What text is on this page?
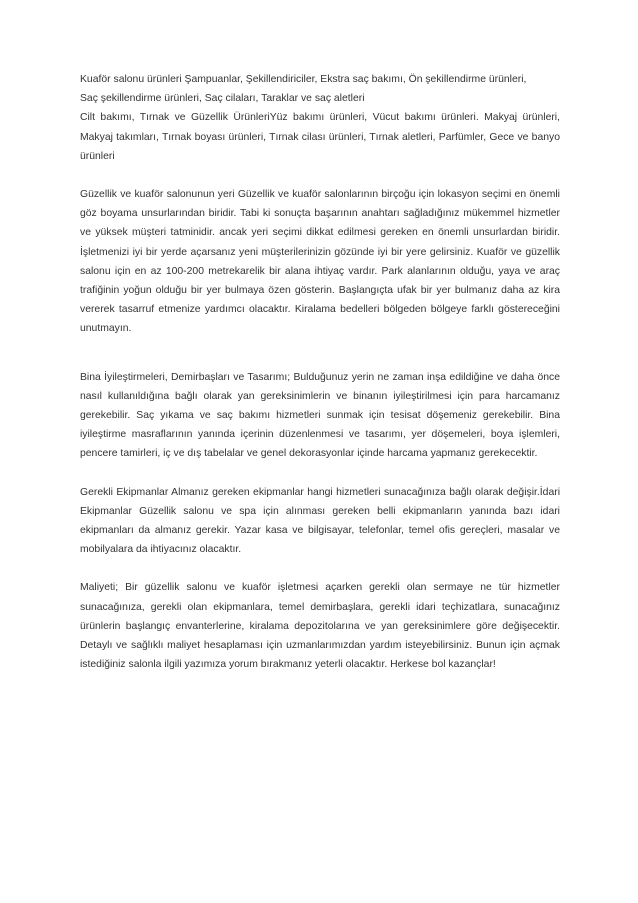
Kuaför salonu ürünleri Şampuanlar, Şekillendiriciler, Ekstra saç bakımı, Ön şekillendirme ürünleri,

Saç şekillendirme ürünleri, Saç cilaları, Taraklar ve saç aletleri

Cilt bakımı, Tırnak ve Güzellik ÜrünleriYüz bakımı ürünleri, Vücut bakımı ürünleri. Makyaj ürünleri, Makyaj takımları, Tırnak boyası ürünleri, Tırnak cilası ürünleri, Tırnak aletleri, Parfümler, Gece ve banyo ürünleri

Güzellik ve kuaför salonunun yeri Güzellik ve kuaför salonlarının birçoğu için lokasyon seçimi en önemli göz boyama unsurlarından biridir. Tabi ki sonuçta başarının anahtarı sağladığınız mükemmel hizmetler ve yüksek müşteri tatminidir. ancak yeri seçimi dikkat edilmesi gereken en önemli unsurlardan biridir. İşletmenizi iyi bir yerde açarsanız yeni müşterilerinizin gözünde iyi bir yere gelirsiniz. Kuaför ve güzellik salonu için en az 100-200 metrekarelik bir alana ihtiyaç vardır. Park alanlarının olduğu, yaya ve araç trafiğinin yoğun olduğu bir yer bulmaya özen gösterin. Başlangıçta ufak bir yer bulmanız daha az kira vererek tasarruf etmenize yardımcı olacaktır. Kiralama bedelleri bölgeden bölgeye farklı göstereceğini unutmayın.

Bina İyileştirmeleri, Demirbaşları ve Tasarımı; Bulduğunuz yerin ne zaman inşa edildiğine ve daha önce nasıl kullanıldığına bağlı olarak yan gereksinimlerin ve binanın iyileştirilmesi için para harcamanız gerekebilir. Saç yıkama ve saç bakımı hizmetleri sunmak için tesisat döşemeniz gerekebilir. Bina iyileştirme masraflarının yanında içerinin düzenlenmesi ve tasarımı, yer döşemeleri, boya işlemleri, pencere tamirleri, iç ve dış tabelalar ve genel dekorasyonlar içinde harcama yapmanız gerekecektir.

Gerekli Ekipmanlar Almanız gereken ekipmanlar hangi hizmetleri sunacağınıza bağlı olarak değişir.İdari Ekipmanlar Güzellik salonu ve spa için alınması gereken belli ekipmanların yanında bazı idari ekipmanları da almanız gerekir. Yazar kasa ve bilgisayar, telefonlar, temel ofis gereçleri, masalar ve mobilyalara da ihtiyacınız olacaktır.

Maliyeti; Bir güzellik salonu ve kuaför işletmesi açarken gerekli olan sermaye ne tür hizmetler sunacağınıza, gerekli olan ekipmanlara, temel demirbaşlara, gerekli idari teçhizatlara, sunacağınız ürünlerin başlangıç envanterlerine, kiralama depozitolarına ve yan gereksinimlere göre değişecektir. Detaylı ve sağlıklı maliyet hesaplaması için uzmanlarımızdan yardım isteyebilirsiniz. Bunun için açmak istediğiniz salonla ilgili yazımıza yorum bırakmanız yeterli olacaktır. Herkese bol kazançlar!
